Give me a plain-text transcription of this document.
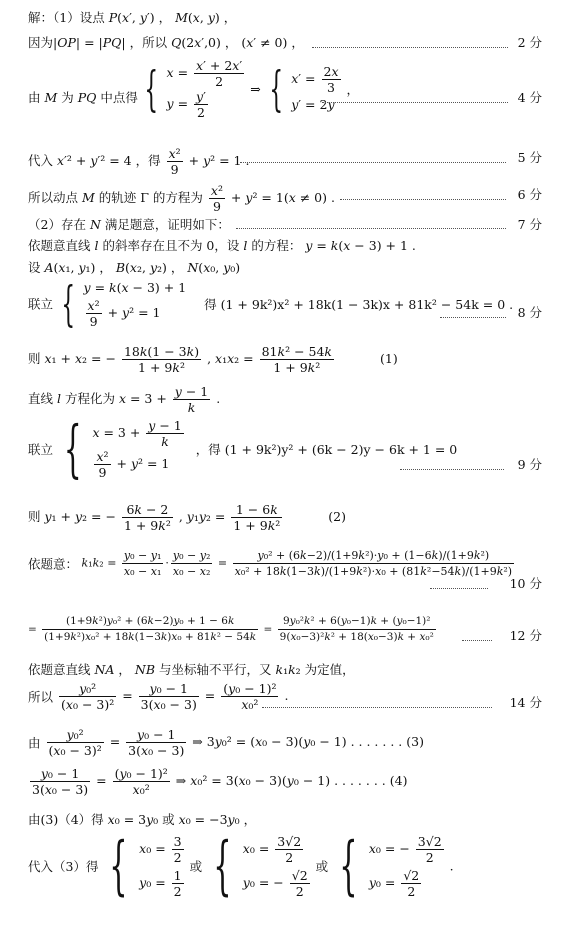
解：（1）设点 P(x′, y′) ， M(x, y) ，
因为|OP| = |PQ| ，所以 Q(2x′,0) ， (x′ ≠ 0) ，	2 分
由 M 为 PQ 中点得 { $x = \frac{x' + 2x'}{2}$
$y = \frac{y'}{2}$	⇒ { $x' = \frac{2x}{3}$
y′ = 2y
，
4 分
代入 x′² + y′² = 4 ，得 $\frac{\text{x²}}{9} + y^2 = 1$ .	5 分
所以动点 M 的轨迹 Γ 的方程为 $\frac{\text{x²}}{9} + y^2 = 1(x \ne 0)$ .	6 分
（2）存在 N 满足题意，证明如下：	7 分
依题意直线 l 的斜率存在且不为 0，设 l 的方程： y = k(x − 3) + 1 .
设 A(x₁, y₁) ， B(x₂, y₂) ， N(x₀, y₀)
联立 { y = k(x − 3) + 1
$\frac{\text{x²}}{9} + y^2 = 1$
得 (1 + 9k²)x² + 18k(1 − 3k)x + 81k² − 54k = 0 .
8 分
则 x₁ + x₂ = − $\frac{18k(1 - 3k)}{\text{1 + 9k²}}$ , $x_1x_2 = \frac{\text{81k² − 54k}}{\text{1 + 9k²}}$	(1)
直线 l 方程化为 $x = 3 + \frac{y - 1}{k}$ .
联立 { $x = 3 + \frac{y - 1}{k}$
$\frac{\text{x²}}{9} + y^2 = 1$
，得 (1 + 9k²)y² + (6k − 2)y − 6k + 1 = 0
9 分
则 y₁ + y₂ = − $\frac{6k - 2}{\text{1 + 9k²}}$ , $y_1y_2 = \frac{1 - 6k}{\text{1 + 9k²}}$	(2)
依题意： $k_1k_2 = \frac{\text{y₀ − y₁}}{\text{x₀ − x₁}} \cdot \frac{\text{y₀ − y₂}}{\text{x₀ − x₂}} = \frac{\text{y₀² + (6k−2)/(1+9k²)·y₀ + (1−6k)/(1+9k²)}}{\text{x₀² + 18k(1−3k)/(1+9k²)·x₀ + (81k²−54k)/(1+9k²)}}$
10 分
= $\frac{\text{(1+9k²)y₀² + (6k−2)y₀ + 1 − 6k}}{\text{(1+9k²)x₀² + 18k(1−3k)x₀ + 81k² − 54k}} = \frac{\text{9y₀²k² + 6(y₀−1)k + (y₀−1)²}}{\text{9(x₀−3)²k² + 18(x₀−3)k + x₀²}}$	12 分
依题意直线 NA ， NB 与坐标轴不平行，又 k₁k₂ 为定值，
所以 $\frac{\text{y₀²}}{\text{(x₀ − 3)²}} = \frac{\text{y₀ − 1}}{\text{3(x₀ − 3)}} = \frac{\text{(y₀ − 1)²}}{\text{x₀²}}$ .	14 分
由 $\frac{\text{y₀²}}{\text{(x₀ − 3)²}} = \frac{\text{y₀ − 1}}{\text{3(x₀ − 3)}}$ ⇒ 3y₀² = (x₀ − 3)(y₀ − 1) . . . . . . . (3)
$\frac{\text{y₀ − 1}}{\text{3(x₀ − 3)}} = \frac{\text{(y₀ − 1)²}}{\text{x₀²}}$ ⇒ x₀² = 3(x₀ − 3)(y₀ − 1) . . . . . . . (4)
由(3)（4）得 x₀ = 3y₀ 或 x₀ = −3y₀ ，
代入（3）得 { $x_0 = \frac{3}{2}$
$y_0 = \frac{1}{2}$
或 { $x_0 = \frac{3√2}{2}$
y₀ = − $\frac{√2}{2}$
或 { x₀ = − $\frac{3√2}{2}$
$y_0 = \frac{√2}{2}$
.
